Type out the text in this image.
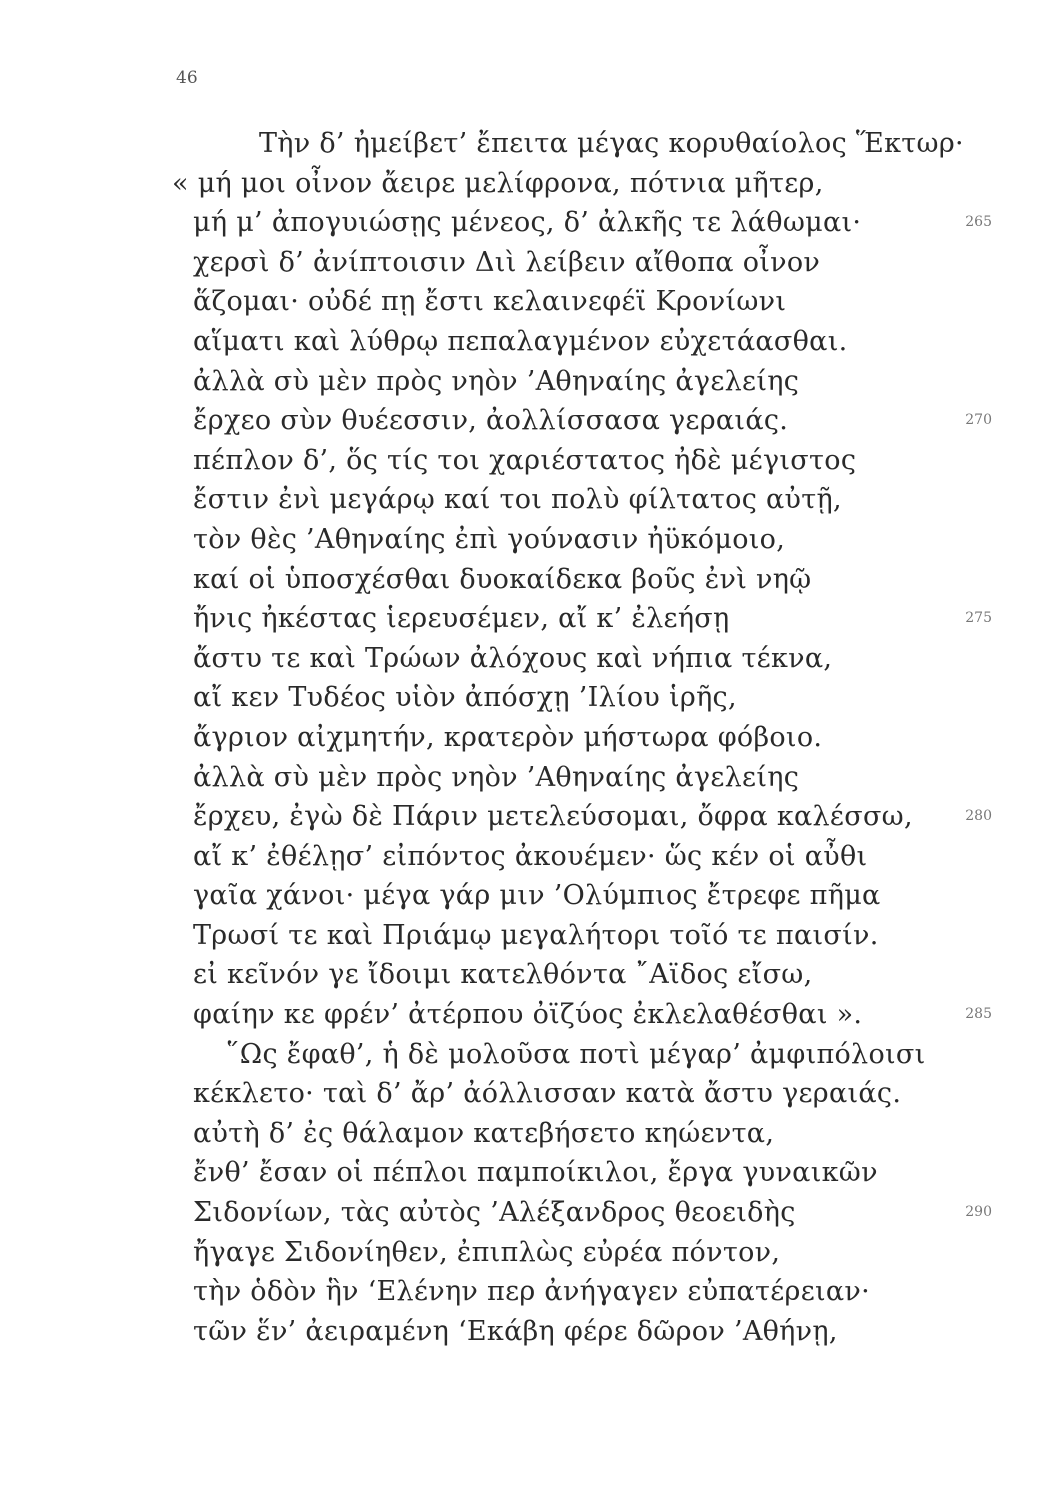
46
Τὴν δ’ ἠμείβετ’ ἔπειτα μέγας κορυθαίολος Ἕκτωρ·
« μή μοι οἶνον ἄειρε μελίφρονα, πότνια μῆτερ,
μή μ’ ἀπογυιώσῃς μένεος, δ’ ἀλκῆς τε λάθωμαι·	265
χερσὶ δ’ ἀνίπτοισιν Διὶ λείβειν αἴθοπα οἶνον
ἅζομαι· οὐδέ πῃ ἔστι κελαινεφέϊ Κρονίωνι
αἵματι καὶ λύθρῳ πεπαλαγμένον εὐχετάασθαι.
ἀλλὰ σὺ μὲν πρὸς νηὸν ’Αθηναίης ἀγελείης
ἔρχεο σὺν θυέεσσιν, ἀολλίσσασα γεραιάς.	270
πέπλον δ’, ὅς τίς τοι χαριέστατος ἠδὲ μέγιστος
ἔστιν ἐνὶ μεγάρῳ καί τοι πολὺ φίλτατος αὐτῇ,
τὸν θὲς ’Αθηναίης ἐπὶ γούνασιν ἠϋκόμοιο,
καί οἱ ὑποσχέσθαι δυοκαίδεκα βοῦς ἐνὶ νηῷ
ἤνις ἠκέστας ἱερευσέμεν, αἴ κ’ ἐλεήσῃ	275
ἄστυ τε καὶ Τρώων ἀλόχους καὶ νήπια τέκνα,
αἴ κεν Τυδέος υἱὸν ἀπόσχῃ ’Ιλίου ἱρῆς,
ἄγριον αἰχμητήν, κρατερὸν μήστωρα φόβοιο.
ἀλλὰ σὺ μὲν πρὸς νηὸν ’Αθηναίης ἀγελείης
ἔρχευ, ἐγὼ δὲ Πάριν μετελεύσομαι, ὄφρα καλέσσω,	280
αἴ κ’ ἐθέλῃσ’ εἰπόντος ἀκουέμεν· ὥς κέν οἱ αὖθι
γαῖα χάνοι· μέγα γάρ μιν ’Ολύμπιος ἔτρεφε πῆμα
Τρωσί τε καὶ Πριάμῳ μεγαλήτορι τοῖό τε παισίν.
εἰ κεῖνόν γε ἴδοιμι κατελθόντα ῎Αϊδος εἴσω,
φαίην κε φρέν’ ἀτέρπου ὀϊζύος ἐκλελαθέσθαι ».	285
῞Ως ἔφαθ’, ἡ δὲ μολοῦσα ποτὶ μέγαρ’ ἀμφιπόλοισι
κέκλετο· ταὶ δ’ ἄρ’ ἀόλλισσαν κατὰ ἄστυ γεραιάς.
αὐτὴ δ’ ἐς θάλαμον κατεβήσετο κηώεντα,
ἔνθ’ ἔσαν οἱ πέπλοι παμποίκιλοι, ἔργα γυναικῶν
Σιδονίων, τὰς αὐτὸς ’Αλέξανδρος θεοειδὴς	290
ἤγαγε Σιδονίηθεν, ἐπιπλὼς εὐρέα πόντον,
τὴν ὁδὸν ἣν ‘Ελένην περ ἀνήγαγεν εὐπατέρειαν·
τῶν ἕν’ ἀειραμένη ‘Εκάβη φέρε δῶρον ’Αθήνῃ,
